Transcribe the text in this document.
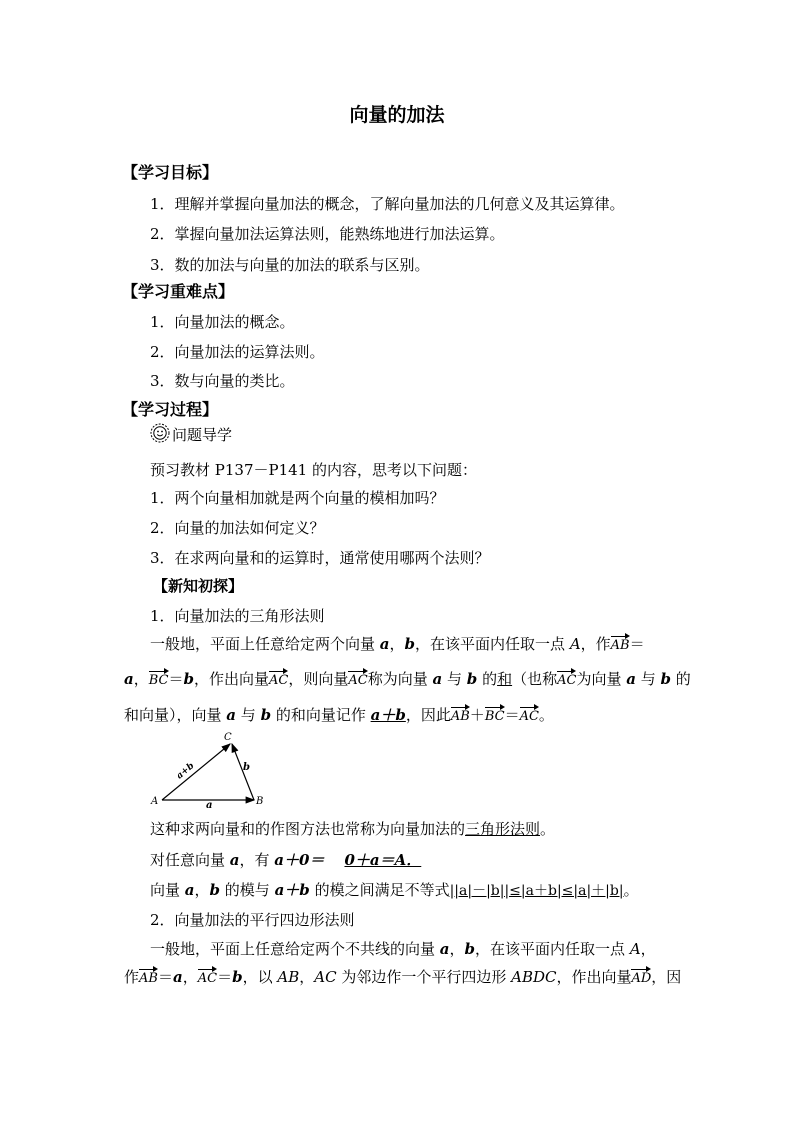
向量的加法
【学习目标】
1．理解并掌握向量加法的概念，了解向量加法的几何意义及其运算律。
2．掌握向量加法运算法则，能熟练地进行加法运算。
3．数的加法与向量的加法的联系与区别。
【学习重难点】
1．向量加法的概念。
2．向量加法的运算法则。
3．数与向量的类比。
【学习过程】
问题导学
预习教材 P137－P141 的内容，思考以下问题：
1．两个向量相加就是两个向量的模相加吗？
2．向量的加法如何定义？
3．在求两向量和的运算时，通常使用哪两个法则？
【新知初探】
1．向量加法的三角形法则
一般地，平面上任意给定两个向量 a，b，在该平面内任取一点 A，作AB＝
a，BC＝b，作出向量AC，则向量AC称为向量 a 与 b 的和（也称AC为向量 a 与 b 的
和向量），向量 a 与 b 的和向量记作 a＋b，因此AB＋BC＝AC。
A	B
C
a
b
a+b
这种求两向量和的作图方法也常称为向量加法的三角形法则。
对任意向量 a，有 a＋0＝ 0＋a＝A．
向量 a，b 的模与 a＋b 的模之间满足不等式||a|－|b||≤|a＋b|≤|a|＋|b|。
2．向量加法的平行四边形法则
一般地，平面上任意给定两个不共线的向量 a，b，在该平面内任取一点 A，
作AB＝a，AC＝b，以 AB，AC 为邻边作一个平行四边形 ABDC，作出向量AD，因
